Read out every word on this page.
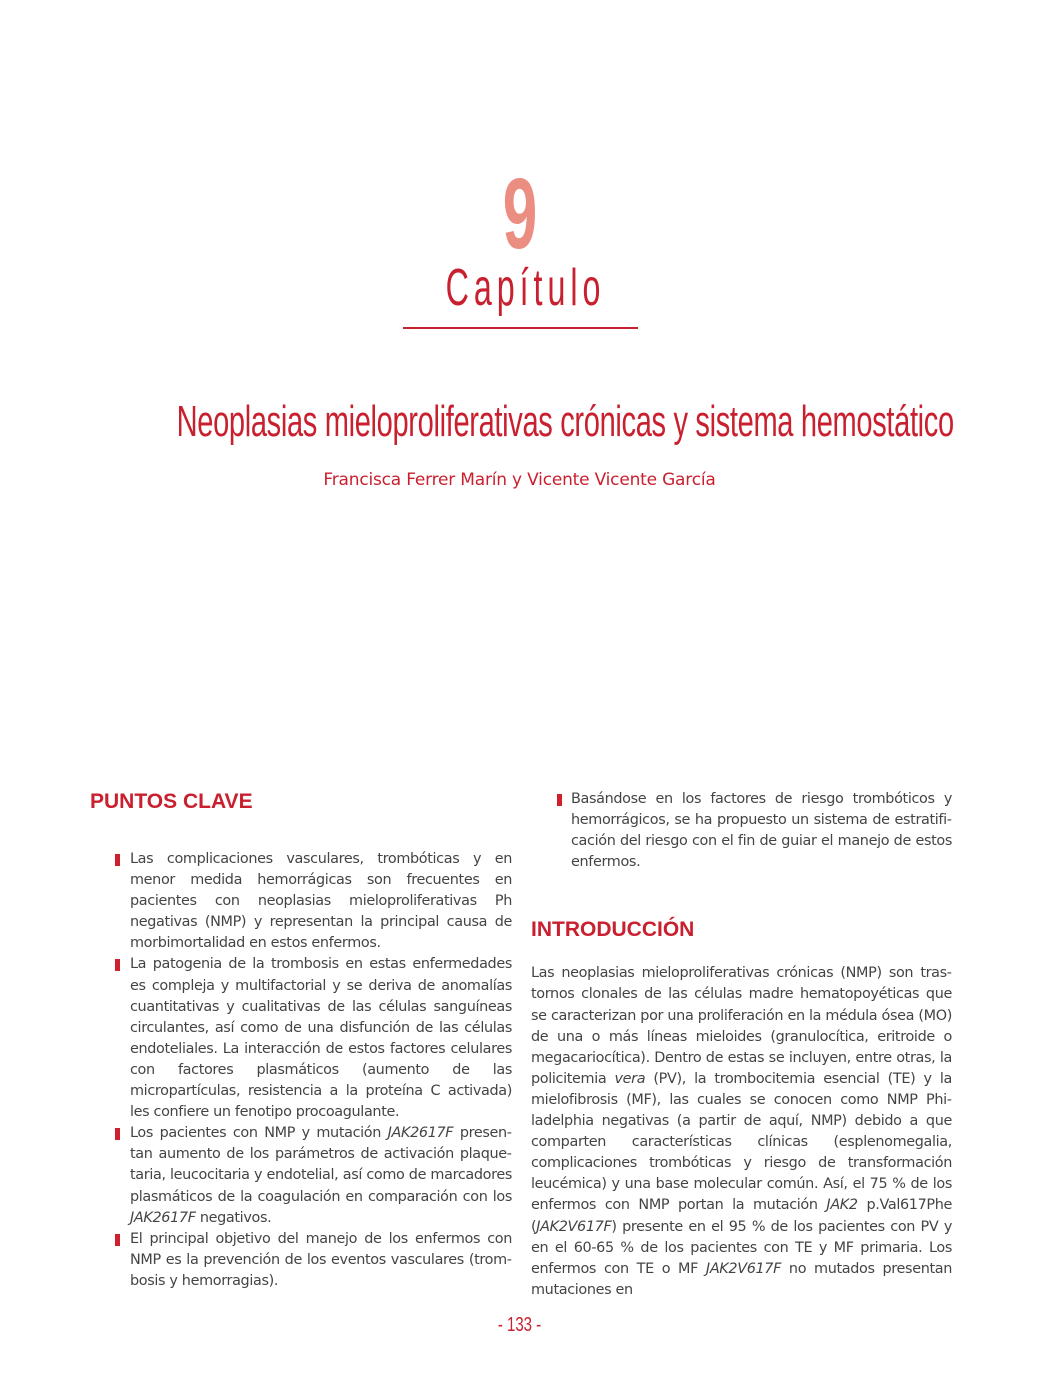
9
Capítulo
Neoplasias mieloproliferativas crónicas y sistema hemostático
Francisca Ferrer Marín y Vicente Vicente García
PUNTOS CLAVE
Las complicaciones vasculares, trombóticas y en menor medida hemorrágicas son frecuentes en pacientes con neoplasias mieloproliferativas Ph negativas (NMP) y representan la principal causa de morbimortalidad en estos enfermos.
La patogenia de la trombosis en estas enfermedades es compleja y multifactorial y se deriva de anomalías cuantitativas y cualitativas de las células sanguíneas circulantes, así como de una disfunción de las células endoteliales. La interacción de estos factores celulares con factores plasmáticos (aumento de las micropartículas, resistencia a la proteína C activada) les confiere un fenotipo procoagulante.
Los pacientes con NMP y mutación JAK2617F presentan aumento de los parámetros de activación plaquetaria, leucocitaria y endotelial, así como de marcadores plasmáticos de la coagulación en comparación con los JAK2617F negativos.
El principal objetivo del manejo de los enfermos con NMP es la prevención de los eventos vasculares (trombosis y hemorragias).
Basándose en los factores de riesgo trombóticos y hemorrágicos, se ha propuesto un sistema de estratificación del riesgo con el fin de guiar el manejo de estos enfermos.
INTRODUCCIÓN

Las neoplasias mieloproliferativas crónicas (NMP) son trastornos clonales de las células madre hematopoyéticas que se caracterizan por una proliferación en la médula ósea (MO) de una o más líneas mieloides (granulocítica, eritroide o megacariocítica). Dentro de estas se incluyen, entre otras, la policitemia vera (PV), la trombocitemia esencial (TE) y la mielofibrosis (MF), las cuales se conocen como NMP Philadelphia negativas (a partir de aquí, NMP) debido a que comparten características clínicas (esplenomegalia, complicaciones trombóticas y riesgo de transformación leucémica) y una base molecular común. Así, el 75 % de los enfermos con NMP portan la mutación JAK2 p.Val617Phe (JAK2V617F) presente en el 95 % de los pacientes con PV y en el 60-65 % de los pacientes con TE y MF primaria. Los enfermos con TE o MF JAK2V617F no mutados presentan mutaciones en

- 133 -
